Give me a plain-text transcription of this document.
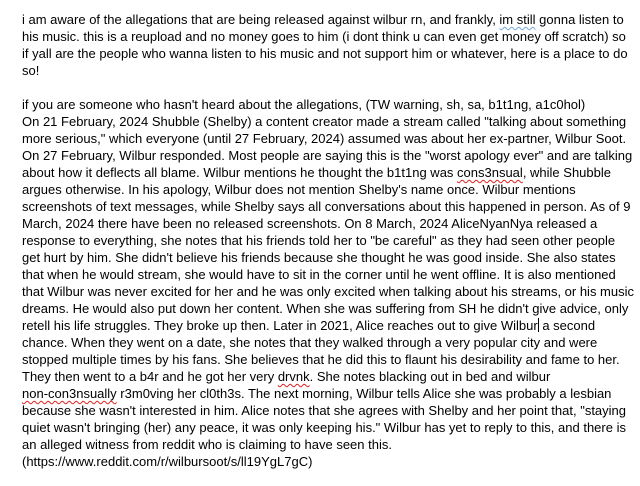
i am aware of the allegations that are being released against wilbur rn, and frankly, im still gonna listen to
his music. this is a reupload and no money goes to him (i dont think u can even get money off scratch) so
if yall are the people who wanna listen to his music and not support him or whatever, here is a place to do
so!
if you are someone who hasn't heard about the allegations, (TW warning, sh, sa, b1t1ng, a1c0hol)
On 21 February, 2024 Shubble (Shelby) a content creator made a stream called "talking about something
more serious," which everyone (until 27 February, 2024) assumed was about her ex-partner, Wilbur Soot.
On 27 February, Wilbur responded. Most people are saying this is the "worst apology ever" and are talking
about how it deflects all blame. Wilbur mentions he thought the b1t1ng was cons3nsual, while Shubble
argues otherwise. In his apology, Wilbur does not mention Shelby's name once. Wilbur mentions
screenshots of text messages, while Shelby says all conversations about this happened in person. As of 9
March, 2024 there have been no released screenshots. On 8 March, 2024 AliceNyanNya released a
response to everything, she notes that his friends told her to "be careful" as they had seen other people
get hurt by him. She didn't believe his friends because she thought he was good inside. She also states
that when he would stream, she would have to sit in the corner until he went offline. It is also mentioned
that Wilbur was never excited for her and he was only excited when talking about his streams, or his music
dreams. He would also put down her content. When she was suffering from SH he didn't give advice, only
retell his life struggles. They broke up then. Later in 2021, Alice reaches out to give Wilbur a second
chance. When they went on a date, she notes that they walked through a very popular city and were
stopped multiple times by his fans. She believes that he did this to flaunt his desirability and fame to her.
They then went to a b4r and he got her very drvnk. She notes blacking out in bed and wilbur
non-con3nsually r3m0ving her cl0th3s. The next morning, Wilbur tells Alice she was probably a lesbian
because she wasn't interested in him. Alice notes that she agrees with Shelby and her point that, "staying
quiet wasn't bringing (her) any peace, it was only keeping his." Wilbur has yet to reply to this, and there is
an alleged witness from reddit who is claiming to have seen this.
(https://www.reddit.com/r/wilbursoot/s/ll19YgL7gC)
